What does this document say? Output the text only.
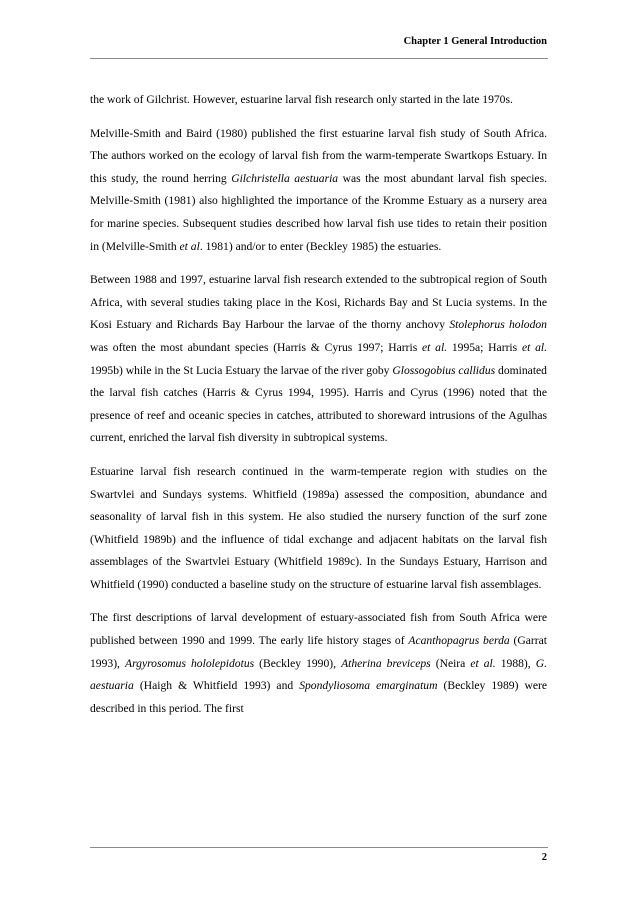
Chapter 1 General Introduction

the work of Gilchrist. However, estuarine larval fish research only started in the late 1970s.

Melville-Smith and Baird (1980) published the first estuarine larval fish study of South Africa. The authors worked on the ecology of larval fish from the warm-temperate Swartkops Estuary. In this study, the round herring Gilchristella aestuaria was the most abundant larval fish species. Melville-Smith (1981) also highlighted the importance of the Kromme Estuary as a nursery area for marine species. Subsequent studies described how larval fish use tides to retain their position in (Melville-Smith et al. 1981) and/or to enter (Beckley 1985) the estuaries.

Between 1988 and 1997, estuarine larval fish research extended to the subtropical region of South Africa, with several studies taking place in the Kosi, Richards Bay and St Lucia systems. In the Kosi Estuary and Richards Bay Harbour the larvae of the thorny anchovy Stolephorus holodon was often the most abundant species (Harris & Cyrus 1997; Harris et al. 1995a; Harris et al. 1995b) while in the St Lucia Estuary the larvae of the river goby Glossogobius callidus dominated the larval fish catches (Harris & Cyrus 1994, 1995). Harris and Cyrus (1996) noted that the presence of reef and oceanic species in catches, attributed to shoreward intrusions of the Agulhas current, enriched the larval fish diversity in subtropical systems.

Estuarine larval fish research continued in the warm-temperate region with studies on the Swartvlei and Sundays systems. Whitfield (1989a) assessed the composition, abundance and seasonality of larval fish in this system. He also studied the nursery function of the surf zone (Whitfield 1989b) and the influence of tidal exchange and adjacent habitats on the larval fish assemblages of the Swartvlei Estuary (Whitfield 1989c). In the Sundays Estuary, Harrison and Whitfield (1990) conducted a baseline study on the structure of estuarine larval fish assemblages.

The first descriptions of larval development of estuary-associated fish from South Africa were published between 1990 and 1999. The early life history stages of Acanthopagrus berda (Garrat 1993), Argyrosomus hololepidotus (Beckley 1990), Atherina breviceps (Neira et al. 1988), G. aestuaria (Haigh & Whitfield 1993) and Spondyliosoma emarginatum (Beckley 1989) were described in this period. The first

2
